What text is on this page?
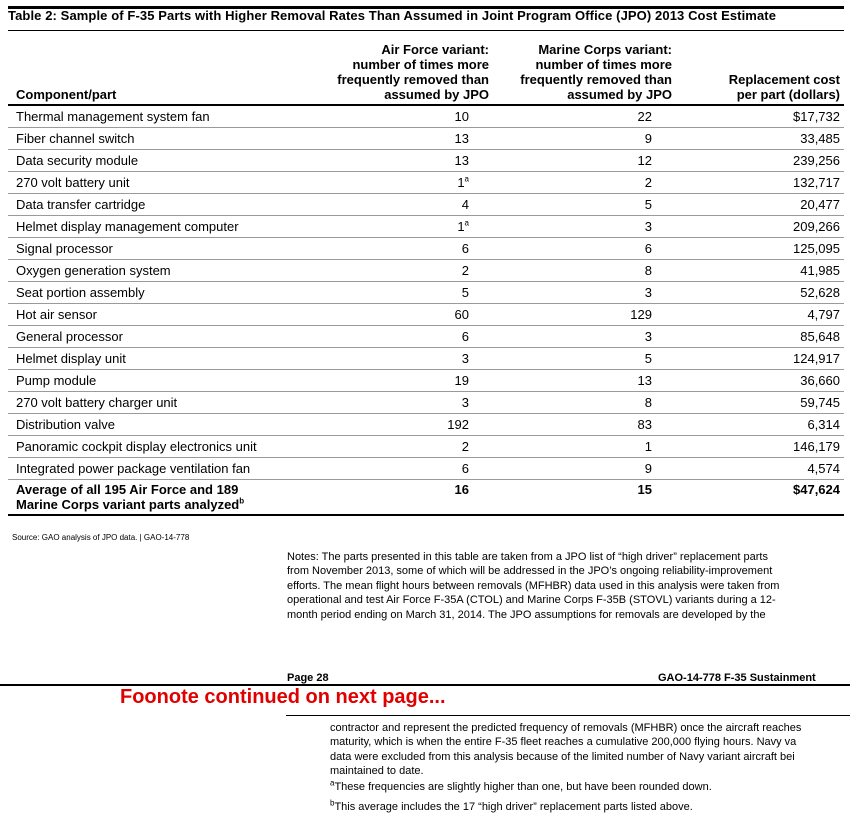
Table 2: Sample of F-35 Parts with Higher Removal Rates Than Assumed in Joint Program Office (JPO) 2013 Cost Estimate
Component/part	Air Force variant:
number of times more
frequently removed than
assumed by JPO	Marine Corps variant:
number of times more
frequently removed than
assumed by JPO	Replacement cost
per part (dollars)
Thermal management system fan	10	22	$17,732
Fiber channel switch	13	9	33,485
Data security module	13	12	239,256
270 volt battery unit	1$^a$	2	132,717
Data transfer cartridge	4	5	20,477
Helmet display management computer	1$^a$	3	209,266
Signal processor	6	6	125,095
Oxygen generation system	2	8	41,985
Seat portion assembly	5	3	52,628
Hot air sensor	60	129	4,797
General processor	6	3	85,648
Helmet display unit	3	5	124,917
Pump module	19	13	36,660
270 volt battery charger unit	3	8	59,745
Distribution valve	192	83	6,314
Panoramic cockpit display electronics unit	2	1	146,179
Integrated power package ventilation fan	6	9	4,574
Average of all 195 Air Force and 189
Marine Corps variant parts analyzed$^b$	16	15	$47,624
Source: GAO analysis of JPO data. | GAO-14-778
Notes: The parts presented in this table are taken from a JPO list of “high driver” replacement parts
from November 2013, some of which will be addressed in the JPO’s ongoing reliability-improvement
efforts. The mean flight hours between removals (MFHBR) data used in this analysis were taken from
operational and test Air Force F-35A (CTOL) and Marine Corps F-35B (STOVL) variants during a 12-
month period ending on March 31, 2014. The JPO assumptions for removals are developed by the
Page 28	GAO-14-778 F-35 Sustainment
Foonote continued on next page...
contractor and represent the predicted frequency of removals (MFHBR) once the aircraft reaches
maturity, which is when the entire F-35 fleet reaches a cumulative 200,000 flying hours. Navy va
data were excluded from this analysis because of the limited number of Navy variant aircraft bei
maintained to date.
$^a$These frequencies are slightly higher than one, but have been rounded down.
$^b$This average includes the 17 “high driver” replacement parts listed above.
